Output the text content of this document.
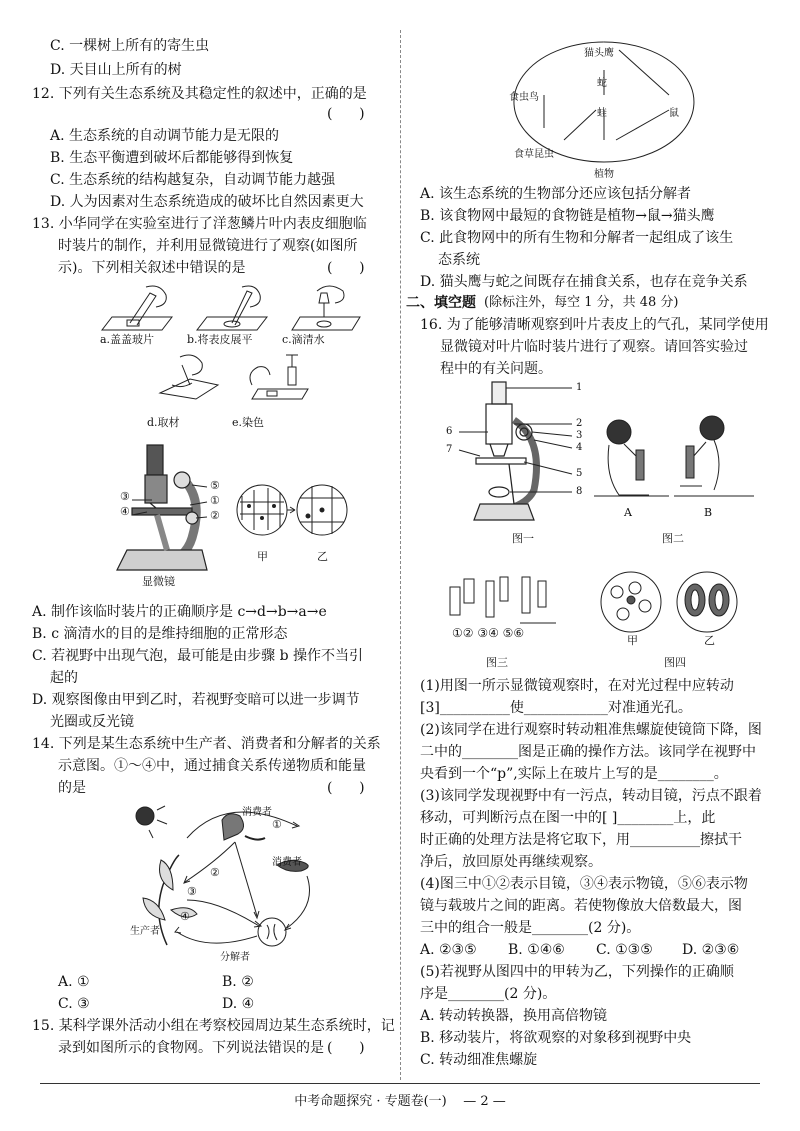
C. 一棵树上所有的寄生虫
D. 天目山上所有的树
12. 下列有关生态系统及其稳定性的叙述中，正确的是
(      )
A. 生态系统的自动调节能力是无限的
B. 生态平衡遭到破坏后都能够得到恢复
C. 生态系统的结构越复杂，自动调节能力越强
D. 人为因素对生态系统造成的破坏比自然因素更大
13. 小华同学在实验室进行了洋葱鳞片叶内表皮细胞临
时装片的制作，并利用显微镜进行了观察(如图所
示)。下列相关叙述中错误的是	(      )
a.盖盖玻片	b.将表皮展平	c.滴清水
d.取材	e.染色
③
④
⑤
①
②
显微镜
甲	乙
A. 制作该临时装片的正确顺序是 c→d→b→a→e
B. c 滴清水的目的是维持细胞的正常形态
C. 若视野中出现气泡，最可能是由步骤 b 操作不当引
起的
D. 观察图像由甲到乙时，若视野变暗可以进一步调节
光圈或反光镜
14. 下列是某生态系统中生产者、消费者和分解者的关系
示意图。①～④中，通过捕食关系传递物质和能量
的是	(      )
消费者
消费者
生产者
分解者
①
②
③
④
A. ①	B. ②
C. ③	D. ④
15. 某科学课外活动小组在考察校园周边某生态系统时，记
录到如图所示的食物网。下列说法错误的是 (      )
猫头鹰
食虫鸟
蛇
蛙	鼠
食草昆虫
植物
A. 该生态系统的生物部分还应该包括分解者
B. 该食物网中最短的食物链是植物→鼠→猫头鹰
C. 此食物网中的所有生物和分解者一起组成了该生
态系统
D. 猫头鹰与蛇之间既存在捕食关系，也存在竞争关系
二、填空题 (除标注外，每空 1 分，共 48 分)
16. 为了能够清晰观察到叶片表皮上的气孔，某同学使用
显微镜对叶片临时装片进行了观察。请回答实验过
程中的有关问题。
1
2
3
4
5
8
6
7
图一
A	B
图二
①② ③④ ⑤⑥
图三
甲	乙
图四
(1)用图一所示显微镜观察时，在对光过程中应转动
[3]__________使____________对准通光孔。
(2)该同学在进行观察时转动粗准焦螺旋使镜筒下降，图
二中的________图是正确的操作方法。该同学在视野中
央看到一个“p”,实际上在玻片上写的是________。
(3)该同学发现视野中有一污点，转动目镜，污点不跟着
移动，可判断污点在图一中的[ ]________上，此
时正确的处理方法是将它取下，用__________擦拭干
净后，放回原处再继续观察。
(4)图三中①②表示目镜，③④表示物镜，⑤⑥表示物
镜与载玻片之间的距离。若使物像放大倍数最大，图
三中的组合一般是________(2 分)。
A. ②③⑤ B. ①④⑥ C. ①③⑤ D. ②③⑥
(5)若视野从图四中的甲转为乙，下列操作的正确顺
序是________(2 分)。
A. 转动转换器，换用高倍物镜
B. 移动装片，将欲观察的对象移到视野中央
C. 转动细准焦螺旋
中考命题探究 · 专题卷(一) — 2 —
